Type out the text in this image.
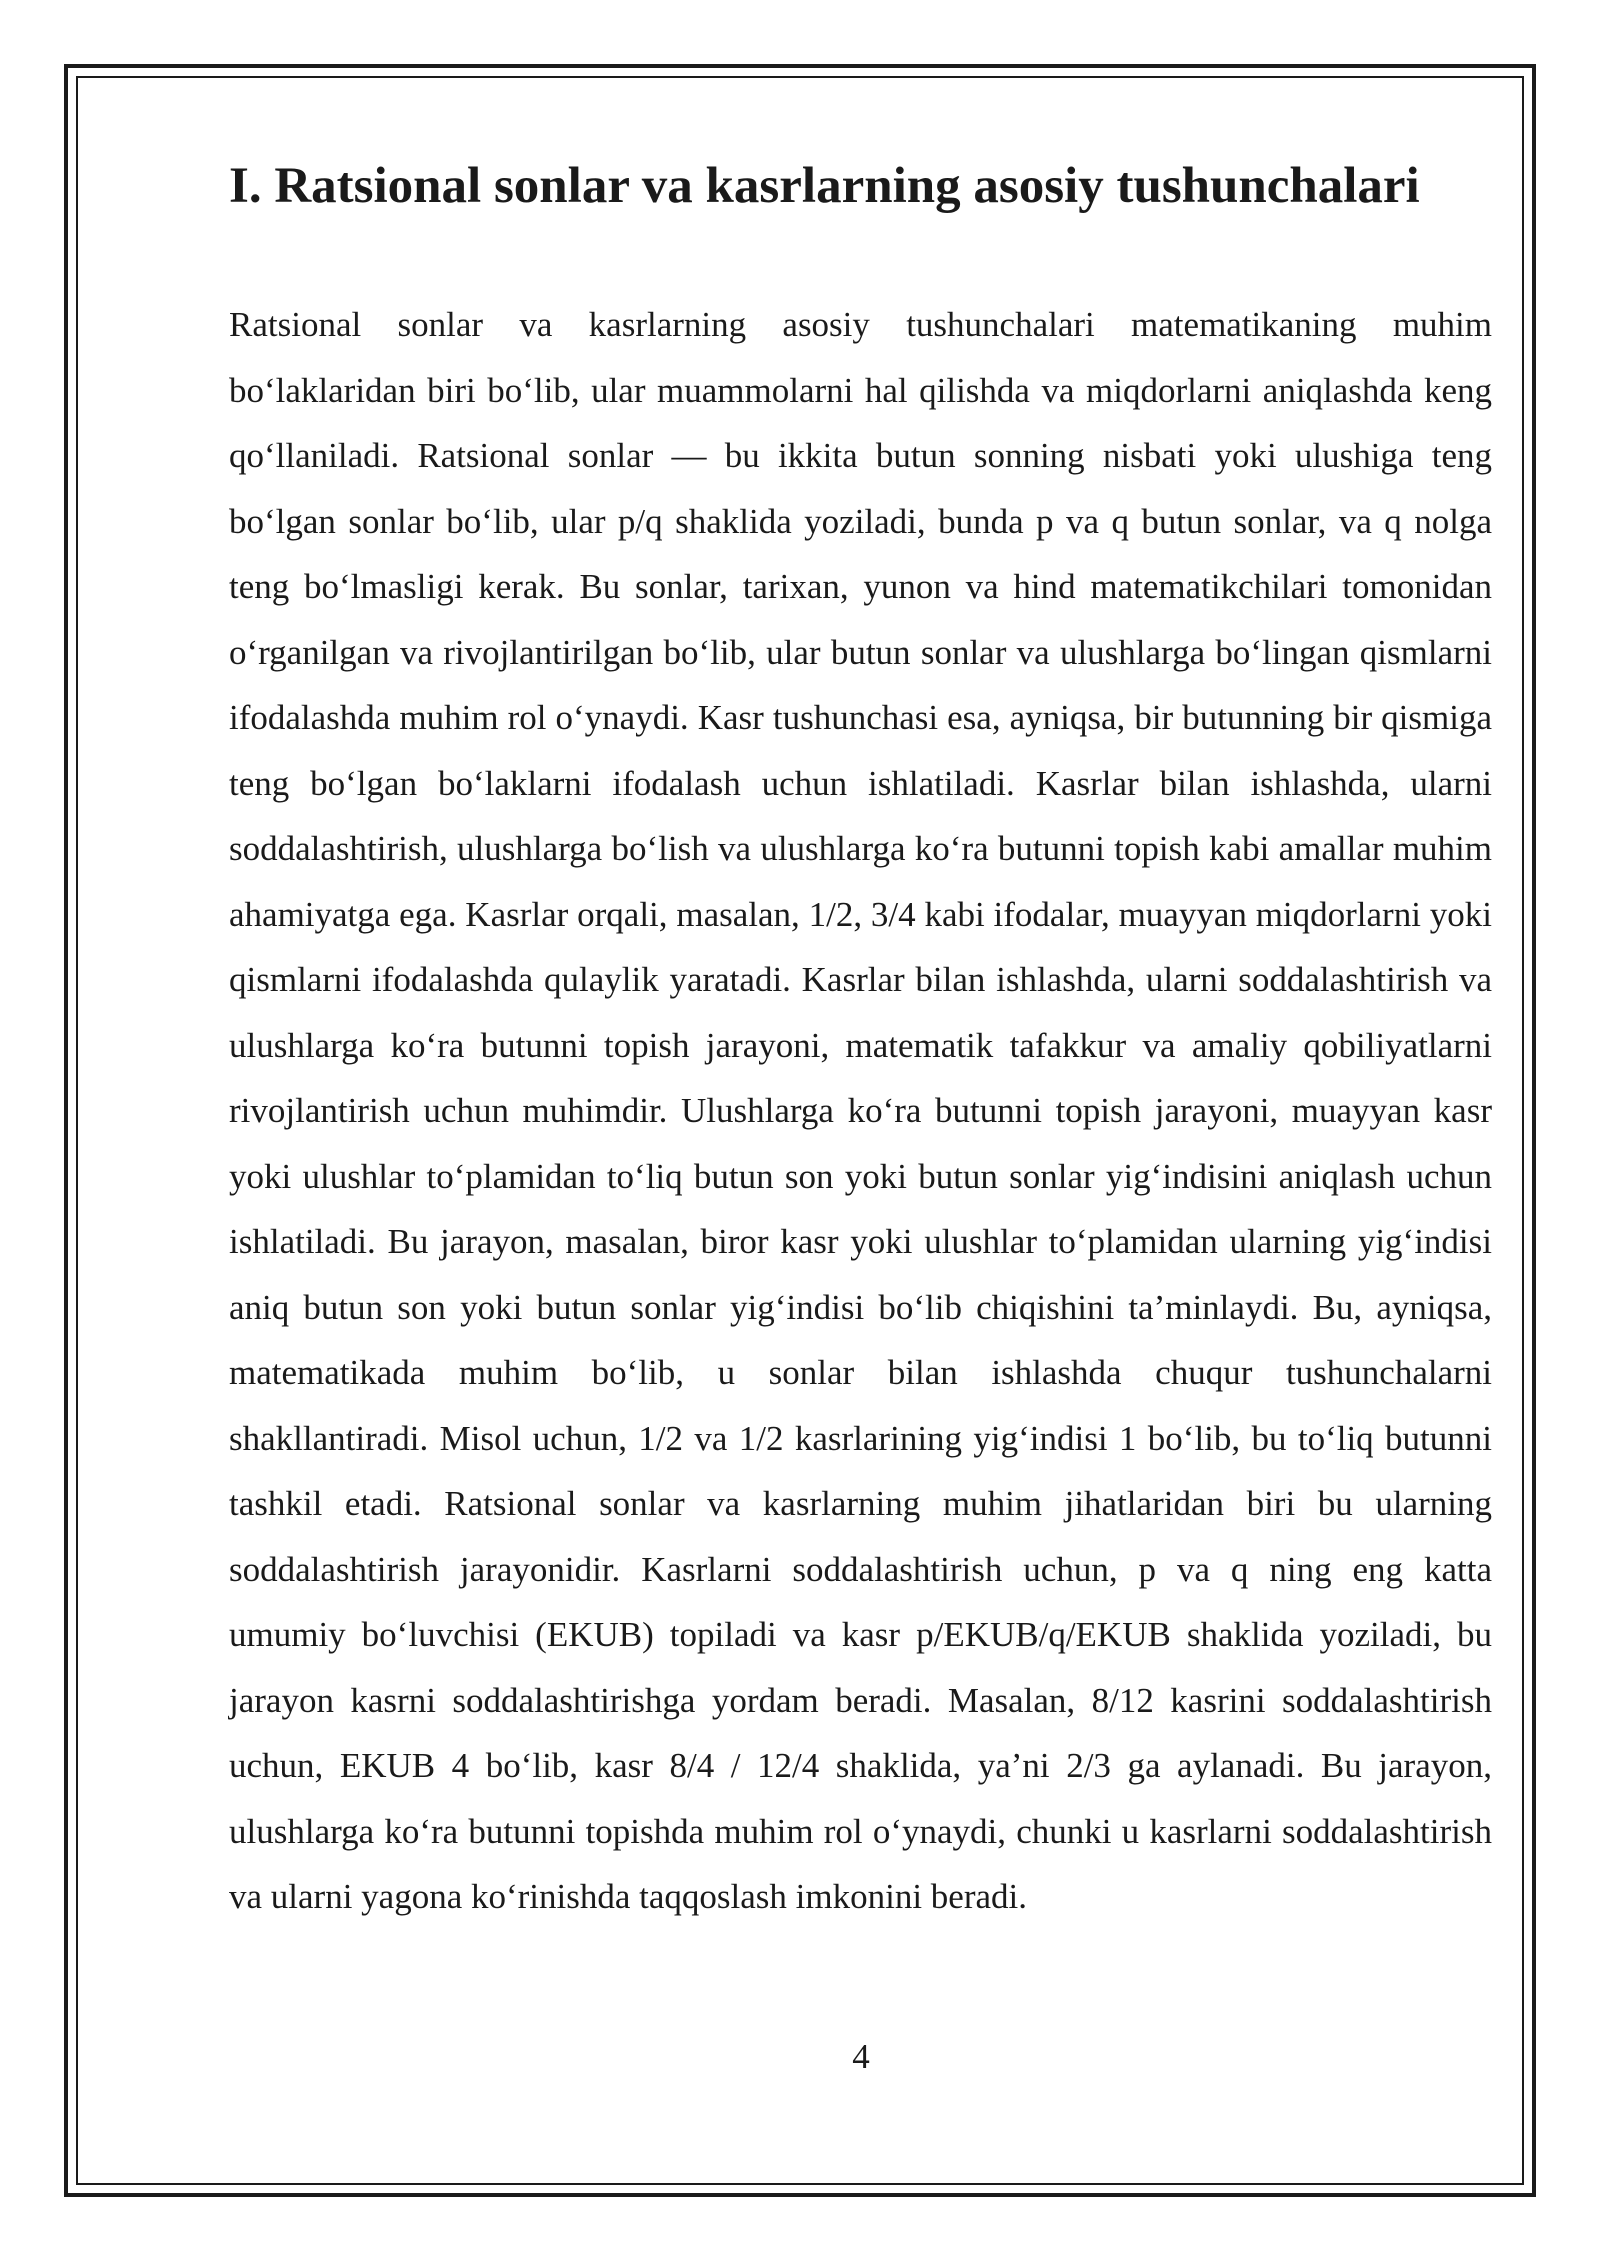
I. Ratsional sonlar va kasrlarning asosiy tushunchalari

Ratsional sonlar va kasrlarning asosiy tushunchalari matematikaning muhim bo‘laklaridan biri bo‘lib, ular muammolarni hal qilishda va miqdorlarni aniqlashda keng qo‘llaniladi. Ratsional sonlar — bu ikkita butun sonning nisbati yoki ulushiga teng bo‘lgan sonlar bo‘lib, ular p/q shaklida yoziladi, bunda p va q butun sonlar, va q nolga teng bo‘lmasligi kerak. Bu sonlar, tarixan, yunon va hind matematikchilari tomonidan o‘rganilgan va rivojlantirilgan bo‘lib, ular butun sonlar va ulushlarga bo‘lingan qismlarni ifodalashda muhim rol o‘ynaydi. Kasr tushunchasi esa, ayniqsa, bir butunning bir qismiga teng bo‘lgan bo‘laklarni ifodalash uchun ishlatiladi. Kasrlar bilan ishlashda, ularni soddalashtirish, ulushlarga bo‘lish va ulushlarga ko‘ra butunni topish kabi amallar muhim ahamiyatga ega. Kasrlar orqali, masalan, 1/2, 3/4 kabi ifodalar, muayyan miqdorlarni yoki qismlarni ifodalashda qulaylik yaratadi. Kasrlar bilan ishlashda, ularni soddalashtirish va ulushlarga ko‘ra butunni topish jarayoni, matematik tafakkur va amaliy qobiliyatlarni rivojlantirish uchun muhimdir. Ulushlarga ko‘ra butunni topish jarayoni, muayyan kasr yoki ulushlar to‘plamidan to‘liq butun son yoki butun sonlar yig‘indisini aniqlash uchun ishlatiladi. Bu jarayon, masalan, biror kasr yoki ulushlar to‘plamidan ularning yig‘indisi aniq butun son yoki butun sonlar yig‘indisi bo‘lib chiqishini ta’minlaydi. Bu, ayniqsa, matematikada muhim bo‘lib, u sonlar bilan ishlashda chuqur tushunchalarni shakllantiradi. Misol uchun, 1/2 va 1/2 kasrlarining yig‘indisi 1 bo‘lib, bu to‘liq butunni tashkil etadi. Ratsional sonlar va kasrlarning muhim jihatlaridan biri bu ularning soddalashtirish jarayonidir. Kasrlarni soddalashtirish uchun, p va q ning eng katta umumiy bo‘luvchisi (EKUB) topiladi va kasr p/EKUB/q/EKUB shaklida yoziladi, bu jarayon kasrni soddalashtirishga yordam beradi. Masalan, 8/12 kasrini soddalashtirish uchun, EKUB 4 bo‘lib, kasr 8/4 / 12/4 shaklida, ya’ni 2/3 ga aylanadi. Bu jarayon, ulushlarga ko‘ra butunni topishda muhim rol o‘ynaydi, chunki u kasrlarni soddalashtirish va ularni yagona ko‘rinishda taqqoslash imkonini beradi.

4
